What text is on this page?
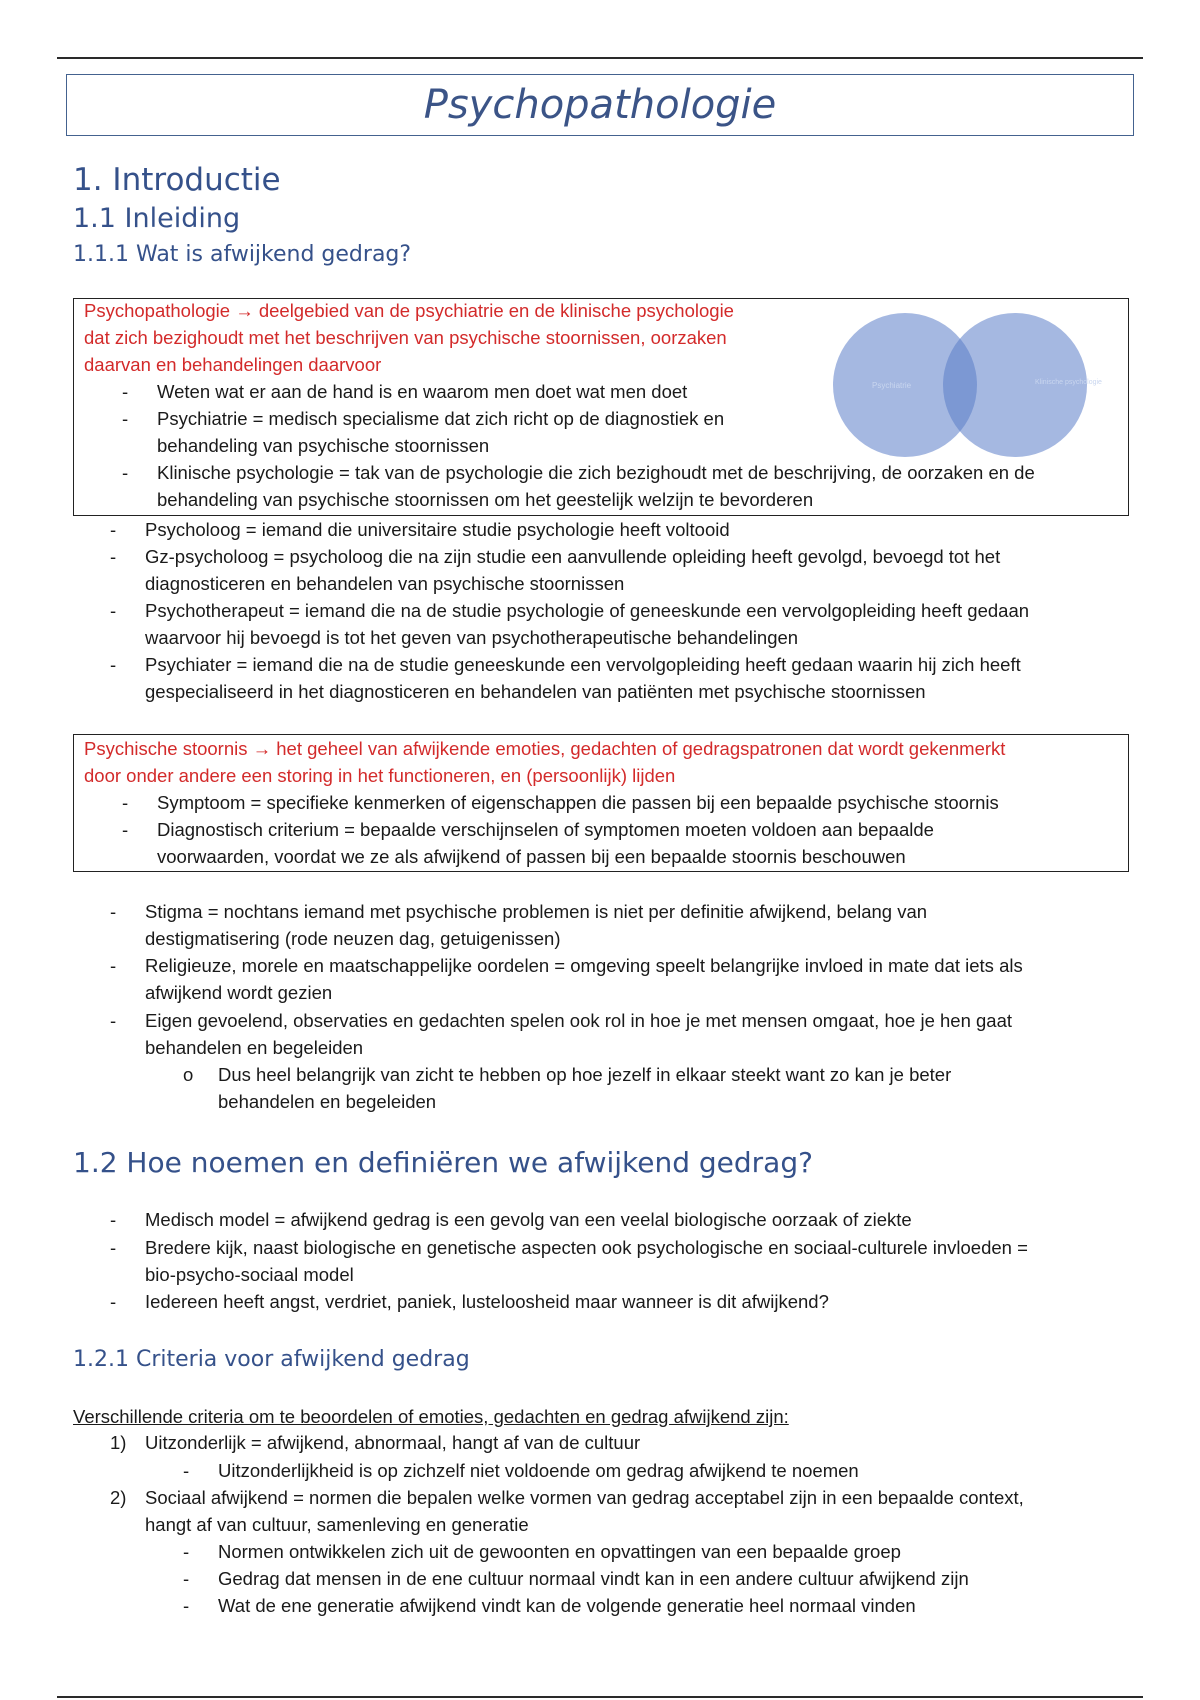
Psychopathologie
1. Introductie
1.1 Inleiding
1.1.1 Wat is afwijkend gedrag?
Psychopathologie → deelgebied van de psychiatrie en de klinische psychologie
dat zich bezighoudt met het beschrijven van psychische stoornissen, oorzaken
daarvan en behandelingen daarvoor
Psychiatrie	Klinische psychologie
- Weten wat er aan de hand is en waarom men doet wat men doet
- Psychiatrie = medisch specialisme dat zich richt op de diagnostiek en
behandeling van psychische stoornissen
- Klinische psychologie = tak van de psychologie die zich bezighoudt met de beschrijving, de oorzaken en de
behandeling van psychische stoornissen om het geestelijk welzijn te bevorderen
- Psycholoog = iemand die universitaire studie psychologie heeft voltooid
- Gz-psycholoog = psycholoog die na zijn studie een aanvullende opleiding heeft gevolgd, bevoegd tot het
diagnosticeren en behandelen van psychische stoornissen
- Psychotherapeut = iemand die na de studie psychologie of geneeskunde een vervolgopleiding heeft gedaan
waarvoor hij bevoegd is tot het geven van psychotherapeutische behandelingen
- Psychiater = iemand die na de studie geneeskunde een vervolgopleiding heeft gedaan waarin hij zich heeft
gespecialiseerd in het diagnosticeren en behandelen van patiënten met psychische stoornissen
Psychische stoornis → het geheel van afwijkende emoties, gedachten of gedragspatronen dat wordt gekenmerkt
door onder andere een storing in het functioneren, en (persoonlijk) lijden
- Symptoom = specifieke kenmerken of eigenschappen die passen bij een bepaalde psychische stoornis
- Diagnostisch criterium = bepaalde verschijnselen of symptomen moeten voldoen aan bepaalde
voorwaarden, voordat we ze als afwijkend of passen bij een bepaalde stoornis beschouwen
- Stigma = nochtans iemand met psychische problemen is niet per definitie afwijkend, belang van
destigmatisering (rode neuzen dag, getuigenissen)
- Religieuze, morele en maatschappelijke oordelen = omgeving speelt belangrijke invloed in mate dat iets als
afwijkend wordt gezien
- Eigen gevoelend, observaties en gedachten spelen ook rol in hoe je met mensen omgaat, hoe je hen gaat
behandelen en begeleiden
o Dus heel belangrijk van zicht te hebben op hoe jezelf in elkaar steekt want zo kan je beter
behandelen en begeleiden
1.2 Hoe noemen en definiëren we afwijkend gedrag?
- Medisch model = afwijkend gedrag is een gevolg van een veelal biologische oorzaak of ziekte
- Bredere kijk, naast biologische en genetische aspecten ook psychologische en sociaal-culturele invloeden =
bio-psycho-sociaal model
- Iedereen heeft angst, verdriet, paniek, lusteloosheid maar wanneer is dit afwijkend?
1.2.1 Criteria voor afwijkend gedrag
Verschillende criteria om te beoordelen of emoties, gedachten en gedrag afwijkend zijn:
1) Uitzonderlijk = afwijkend, abnormaal, hangt af van de cultuur
- Uitzonderlijkheid is op zichzelf niet voldoende om gedrag afwijkend te noemen
2) Sociaal afwijkend = normen die bepalen welke vormen van gedrag acceptabel zijn in een bepaalde context,
hangt af van cultuur, samenleving en generatie
- Normen ontwikkelen zich uit de gewoonten en opvattingen van een bepaalde groep
- Gedrag dat mensen in de ene cultuur normaal vindt kan in een andere cultuur afwijkend zijn
- Wat de ene generatie afwijkend vindt kan de volgende generatie heel normaal vinden
